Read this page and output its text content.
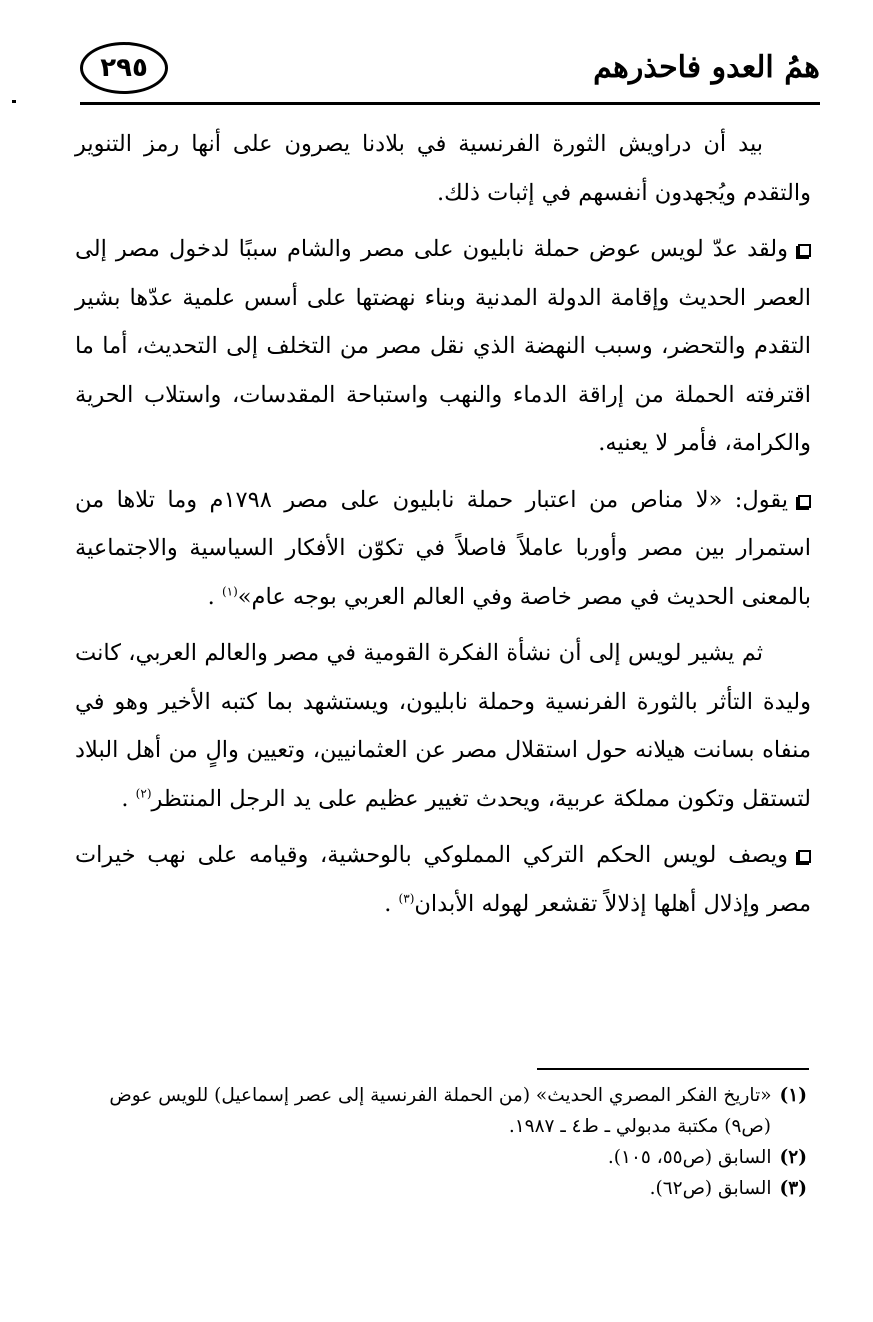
همُ العدو فاحذرهم
٢٩٥

بيد أن دراويش الثورة الفرنسية في بلادنا يصرون على أنها رمز التنوير والتقدم ويُجهدون أنفسهم في إثبات ذلك.

ولقد عدّ لويس عوض حملة نابليون على مصر والشام سببًا لدخول مصر إلى العصر الحديث وإقامة الدولة المدنية وبناء نهضتها على أسس علمية عدّها بشير التقدم والتحضر، وسبب النهضة الذي نقل مصر من التخلف إلى التحديث، أما ما اقترفته الحملة من إراقة الدماء والنهب واستباحة المقدسات، واستلاب الحرية والكرامة، فأمر لا يعنيه.

يقول: «لا مناص من اعتبار حملة نابليون على مصر ١٧٩٨م وما تلاها من استمرار بين مصر وأوربا عاملاً فاصلاً في تكوّن الأفكار السياسية والاجتماعية بالمعنى الحديث في مصر خاصة وفي العالم العربي بوجه عام»$^{(١)}$ .

ثم يشير لويس إلى أن نشأة الفكرة القومية في مصر والعالم العربي، كانت وليدة التأثر بالثورة الفرنسية وحملة نابليون، ويستشهد بما كتبه الأخير وهو في منفاه بسانت هيلانه حول استقلال مصر عن العثمانيين، وتعيين والٍ من أهل البلاد لتستقل وتكون مملكة عربية، ويحدث تغيير عظيم على يد الرجل المنتظر$^{(٢)}$ .

ويصف لويس الحكم التركي المملوكي بالوحشية، وقيامه على نهب خيرات مصر وإذلال أهلها إذلالاً تقشعر لهوله الأبدان$^{(٣)}$ .

(١)«تاريخ الفكر المصري الحديث» (من الحملة الفرنسية إلى عصر إسماعيل) للويس عوض

(ص٩) مكتبة مدبولي ـ ط٤ ـ ١٩٨٧.

(٢)السابق (ص٥٥، ١٠٥).

(٣)السابق (ص٦٢).
